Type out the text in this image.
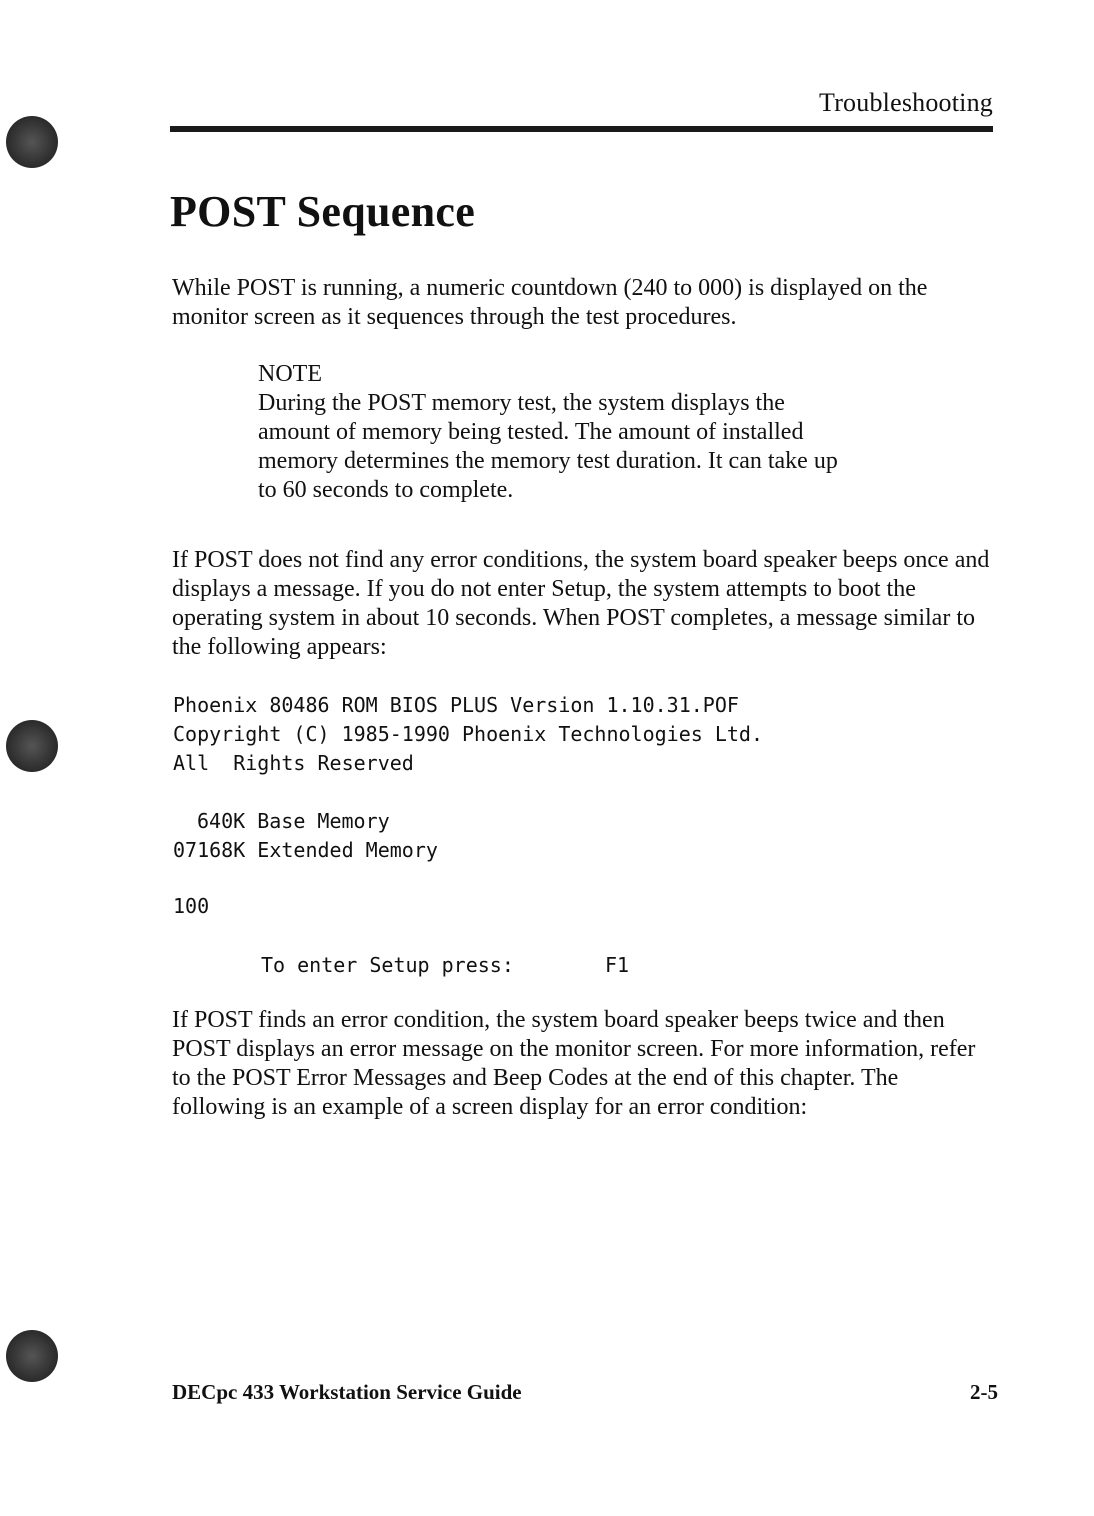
Troubleshooting
POST Sequence

While POST is running, a numeric countdown (240 to 000) is displayed on the monitor screen as it sequences through the test procedures.

NOTE

During the POST memory test, the system displays the amount of memory being tested. The amount of installed memory determines the memory test duration. It can take up to 60 seconds to complete.

If POST does not find any error conditions, the system board speaker beeps once and displays a message. If you do not enter Setup, the system attempts to boot the operating system in about 10 seconds. When POST completes, a message similar to the following appears:

Phoenix 80486 ROM BIOS PLUS Version 1.10.31.POF
Copyright (C) 1985-1990 Phoenix Technologies Ltd.
All  Rights Reserved
640K Base Memory
07168K Extended Memory
100
To enter Setup press:	F1

If POST finds an error condition, the system board speaker beeps twice and then POST displays an error message on the monitor screen. For more information, refer to the POST Error Messages and Beep Codes at the end of this chapter. The following is an example of a screen display for an error condition:

DECpc 433 Workstation Service Guide	2-5
